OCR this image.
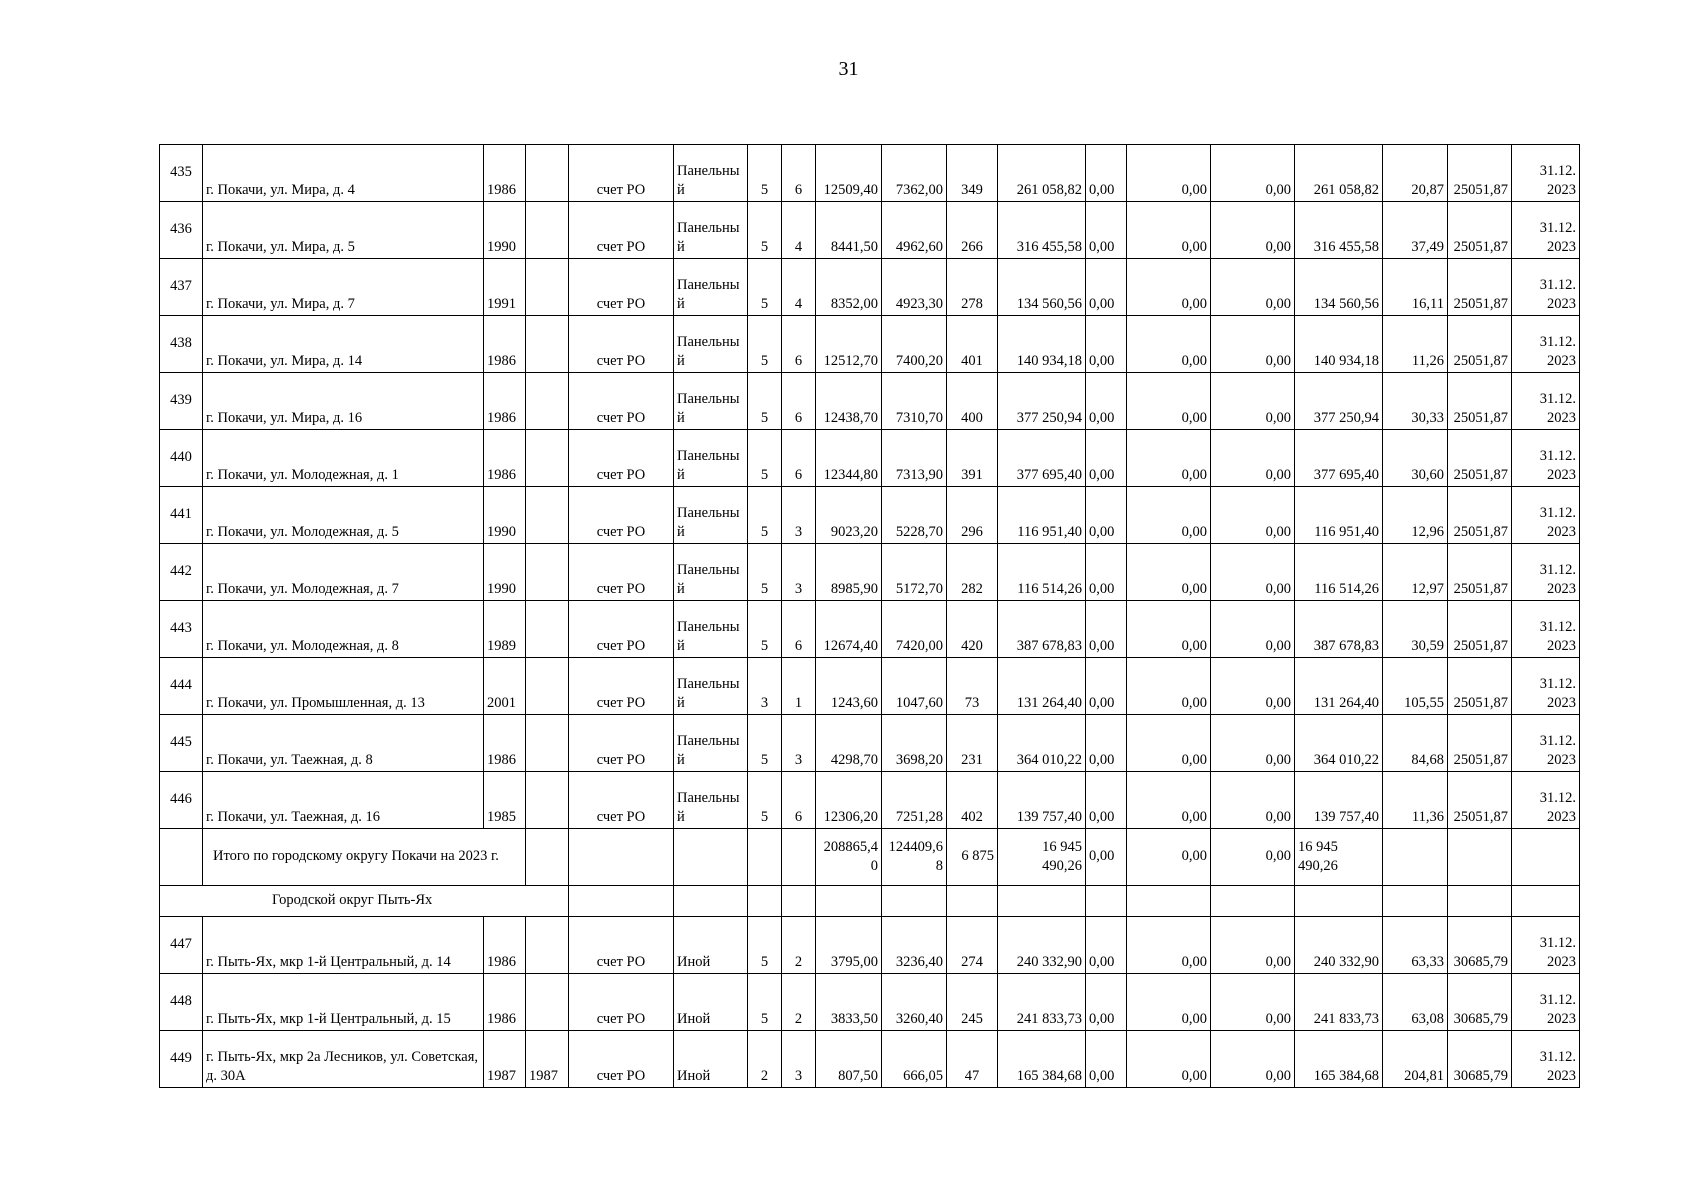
31
435	г. Покачи, ул. Мира, д. 4	1986		счет РО	Панельный	5	6	12509,40	7362,00	349	261 058,82	0,00	0,00	0,00	261 058,82	20,87	25051,87	31.12. 2023
436	г. Покачи, ул. Мира, д. 5	1990		счет РО	Панельный	5	4	8441,50	4962,60	266	316 455,58	0,00	0,00	0,00	316 455,58	37,49	25051,87	31.12. 2023
437	г. Покачи, ул. Мира, д. 7	1991		счет РО	Панельный	5	4	8352,00	4923,30	278	134 560,56	0,00	0,00	0,00	134 560,56	16,11	25051,87	31.12. 2023
438	г. Покачи, ул. Мира, д. 14	1986		счет РО	Панельный	5	6	12512,70	7400,20	401	140 934,18	0,00	0,00	0,00	140 934,18	11,26	25051,87	31.12. 2023
439	г. Покачи, ул. Мира, д. 16	1986		счет РО	Панельный	5	6	12438,70	7310,70	400	377 250,94	0,00	0,00	0,00	377 250,94	30,33	25051,87	31.12. 2023
440	г. Покачи, ул. Молодежная, д. 1	1986		счет РО	Панельный	5	6	12344,80	7313,90	391	377 695,40	0,00	0,00	0,00	377 695,40	30,60	25051,87	31.12. 2023
441	г. Покачи, ул. Молодежная, д. 5	1990		счет РО	Панельный	5	3	9023,20	5228,70	296	116 951,40	0,00	0,00	0,00	116 951,40	12,96	25051,87	31.12. 2023
442	г. Покачи, ул. Молодежная, д. 7	1990		счет РО	Панельный	5	3	8985,90	5172,70	282	116 514,26	0,00	0,00	0,00	116 514,26	12,97	25051,87	31.12. 2023
443	г. Покачи, ул. Молодежная, д. 8	1989		счет РО	Панельный	5	6	12674,40	7420,00	420	387 678,83	0,00	0,00	0,00	387 678,83	30,59	25051,87	31.12. 2023
444	г. Покачи, ул. Промышленная, д. 13	2001		счет РО	Панельный	3	1	1243,60	1047,60	73	131 264,40	0,00	0,00	0,00	131 264,40	105,55	25051,87	31.12. 2023
445	г. Покачи, ул. Таежная, д. 8	1986		счет РО	Панельный	5	3	4298,70	3698,20	231	364 010,22	0,00	0,00	0,00	364 010,22	84,68	25051,87	31.12. 2023
446	г. Покачи, ул. Таежная, д. 16	1985		счет РО	Панельный	5	6	12306,20	7251,28	402	139 757,40	0,00	0,00	0,00	139 757,40	11,36	25051,87	31.12. 2023
	Итого по городскому округу Покачи на 2023 г.							208865,40	124409,68	6 875	16 945 490,26	0,00	0,00	0,00	16 945 490,26			
Городской округ Пыть-Ях																		
447	г. Пыть-Ях, мкр 1-й Центральный, д. 14	1986		счет РО	Иной	5	2	3795,00	3236,40	274	240 332,90	0,00	0,00	0,00	240 332,90	63,33	30685,79	31.12. 2023
448	г. Пыть-Ях, мкр 1-й Центральный, д. 15	1986		счет РО	Иной	5	2	3833,50	3260,40	245	241 833,73	0,00	0,00	0,00	241 833,73	63,08	30685,79	31.12. 2023
449	г. Пыть-Ях, мкр 2а Лесников, ул. Советская, д. 30А	1987	1987	счет РО	Иной	2	3	807,50	666,05	47	165 384,68	0,00	0,00	0,00	165 384,68	204,81	30685,79	31.12. 2023
